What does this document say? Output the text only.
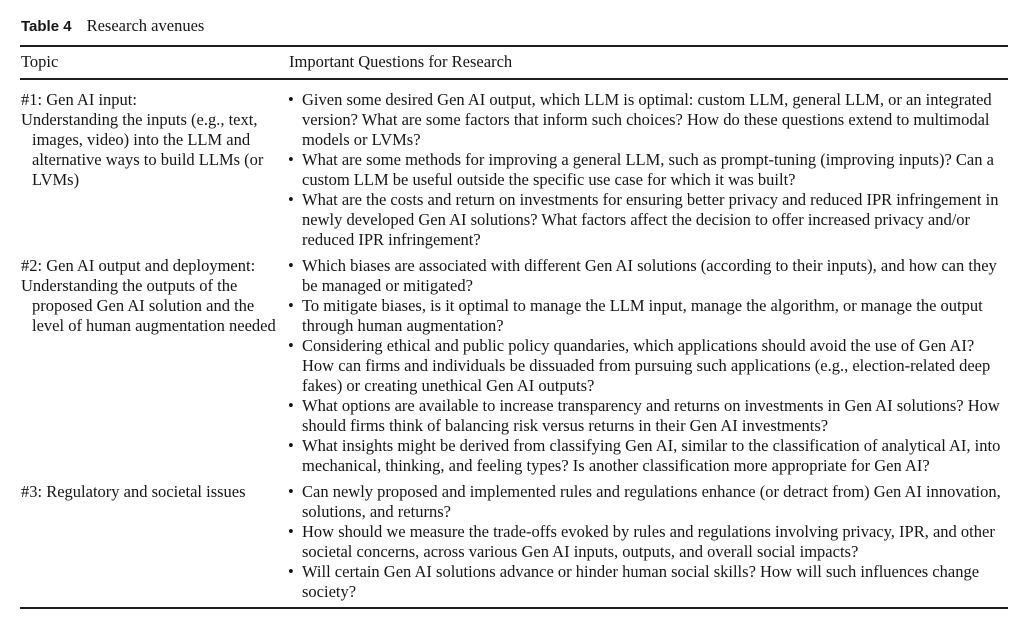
Table 4 Research avenues
Topic	Important Questions for Research
#1: Gen AI input:
Understanding the inputs (e.g., text, images, video) into the LLM and alternative ways to build LLMs (or LVMs)
• Given some desired Gen AI output, which LLM is optimal: custom LLM, general LLM, or an integrated version? What are some factors that inform such choices? How do these questions extend to multimodal models or LVMs?
• What are some methods for improving a general LLM, such as prompt-tuning (improving inputs)? Can a custom LLM be useful outside the specific use case for which it was built?
• What are the costs and return on investments for ensuring better privacy and reduced IPR infringement in newly developed Gen AI solutions? What factors affect the decision to offer increased privacy and/or reduced IPR infringement?
#2: Gen AI output and deployment:
Understanding the outputs of the proposed Gen AI solution and the level of human augmentation needed
• Which biases are associated with different Gen AI solutions (according to their inputs), and how can they be managed or mitigated?
• To mitigate biases, is it optimal to manage the LLM input, manage the algorithm, or manage the output through human augmentation?
• Considering ethical and public policy quandaries, which applications should avoid the use of Gen AI? How can firms and individuals be dissuaded from pursuing such applications (e.g., election-related deep fakes) or creating unethical Gen AI outputs?
• What options are available to increase transparency and returns on investments in Gen AI solutions? How should firms think of balancing risk versus returns in their Gen AI investments?
• What insights might be derived from classifying Gen AI, similar to the classification of analytical AI, into mechanical, thinking, and feeling types? Is another classification more appropriate for Gen AI?
#3: Regulatory and societal issues	• Can newly proposed and implemented rules and regulations enhance (or detract from) Gen AI innovation, solutions, and returns?
• How should we measure the trade-offs evoked by rules and regulations involving privacy, IPR, and other societal concerns, across various Gen AI inputs, outputs, and overall social impacts?
• Will certain Gen AI solutions advance or hinder human social skills? How will such influences change society?
